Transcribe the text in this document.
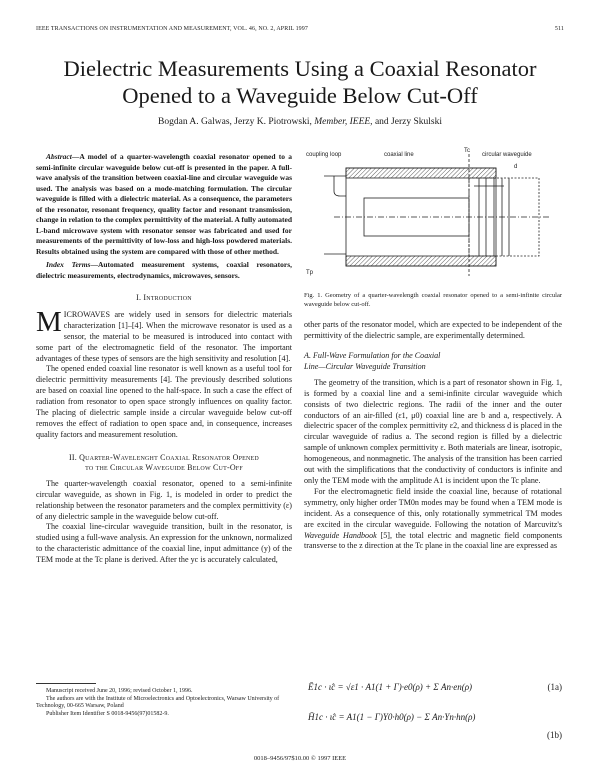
IEEE TRANSACTIONS ON INSTRUMENTATION AND MEASUREMENT, VOL. 46, NO. 2, APRIL 1997	511
Dielectric Measurements Using a Coaxial Resonator Opened to a Waveguide Below Cut-Off
Bogdan A. Galwas, Jerzy K. Piotrowski, Member, IEEE, and Jerzy Skulski

Abstract—A model of a quarter-wavelength coaxial resonator opened to a semi-infinite circular waveguide below cut-off is presented in the paper. A full-wave analysis of the transition between coaxial-line and circular waveguide was used. The analysis was based on a mode-matching formulation. The circular waveguide is filled with a dielectric material. As a consequence, the parameters of the resonator, resonant frequency, quality factor and resonant transmission, change in relation to the complex permittivity of the material. A fully automated L-band microwave system with resonator sensor was fabricated and used for measurements of the permittivity of low-loss and high-loss powdered materials. Results obtained using the system are compared with those of other method.

Index Terms—Automated measurement systems, coaxial resonators, dielectric measurements, electrodynamics, microwaves, sensors.

I. Introduction

MICROWAVES are widely used in sensors for dielectric materials characterization [1]–[4]. When the microwave resonator is used as a sensor, the material to be measured is introduced into contact with some part of the electromagnetic field of the resonator. The important advantages of these types of sensors are the high sensitivity and resolution [4].

The opened ended coaxial line resonator is well known as a useful tool for dielectric permittivity measurements [4]. The previously described solutions are based on coaxial line opened to the half-space. In such a case the effect of radiation from resonator to open space strongly influences on quality factor. The placing of dielectric sample inside a circular waveguide below cut-off removes the effect of radiation to open space and, in consequence, increases quality factors and measurement resolution.

II. Quarter-Wavelenght Coaxial Resonator Opened
to the Circular Waveguide Below Cut-Off

The quarter-wavelength coaxial resonator, opened to a semi-infinite circular waveguide, as shown in Fig. 1, is modeled in order to predict the relationship between the resonator parameters and the complex permittivity (ε) of any dielectric sample in the waveguide below cut-off.

The coaxial line-circular waveguide transition, built in the resonator, is studied using a full-wave analysis. An expression for the unknown, normalized to the characteristic admittance of the coaxial line, input admittance (y) of the TEM mode at the Tc plane is derived. After the yc is accurately calculated,

Manuscript received June 20, 1996; revised October 1, 1996.
The authors are with the Institute of Microelectronics and Optoelectronics, Warsaw University of Technology, 00-665 Warsaw, Poland
Publisher Item Identifier S 0018-9456(97)01582-9.
coupling loop	coaxial line
Tc
circular waveguide
d
Tp
Fig. 1. Geometry of a quarter-wavelength coaxial resonator opened to a semi-infinite circular waveguide below cut-off.

other parts of the resonator model, which are expected to be independent of the permittivity of the dielectric sample, are experimentally determined.

A. Full-Wave Formulation for the Coaxial
Line—Circular Waveguide Transition

The geometry of the transition, which is a part of resonator shown in Fig. 1, is formed by a coaxial line and a semi-infinite circular waveguide which consists of two dielectric regions. The radii of the inner and the outer conductors of an air-filled (ε1, μ0) coaxial line are b and a, respectively. A dielectric spacer of the complex permittivity ε2, and thickness d is placed in the circular waveguide of radius a. The second region is filled by a dielectric sample of unknown complex permittivity ε. Both materials are linear, isotropic, homogeneous, and nonmagnetic. The analysis of the transition has been carried out with the simplifications that the conductivity of conductors is infinite and only the TEM mode with the amplitude A1 is incident upon the Tc plane.

For the electromagnetic field inside the coaxial line, because of rotational symmetry, only higher order TM0n modes may be found when a TEM mode is incident. As a consequence of this, only rotationally symmetrical TM modes are excited in the circular waveguide. Following the notation of Marcuvitz's Waveguide Handbook [5], the total electric and magnetic field components transverse to the z direction at the Tc plane in the coaxial line are expressed as

Ē1c · ι̂c = √ε1 · A1(1 + Γ)·e0(ρ) + Σ An·en(ρ)	(1a)
H̄1c · ι̂c = A1(1 − Γ)Y0·h0(ρ) − Σ An·Yn·hn(ρ)
(1b)
0018–9456/97$10.00 © 1997 IEEE
